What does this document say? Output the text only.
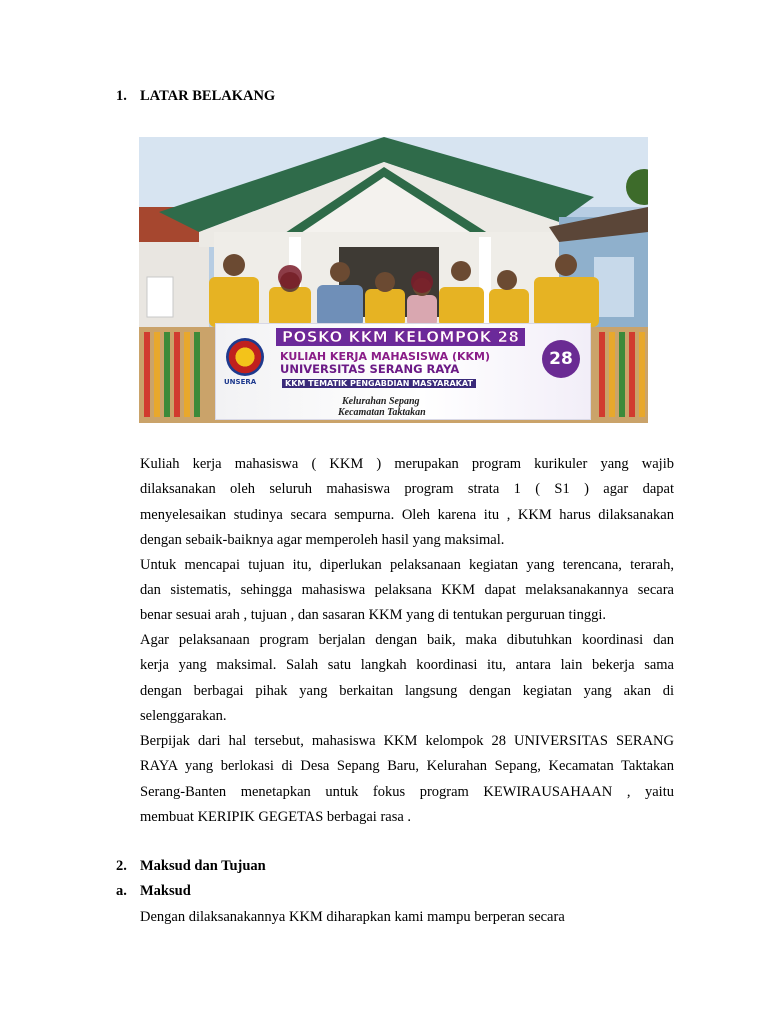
1. LATAR BELAKANG
UNSERA
POSKO KKM KELOMPOK 28
KULIAH KERJA MAHASISWA (KKM)
UNIVERSITAS SERANG RAYA
KKM TEMATIK PENGABDIAN MASYARAKAT
28
Kelurahan Sepang
Kecamatan Taktakan
Kuliah kerja mahasiswa ( KKM ) merupakan program kurikuler yang wajib
dilaksanakan oleh seluruh mahasiswa program strata 1 ( S1 ) agar dapat
menyelesaikan studinya secara sempurna. Oleh karena itu , KKM harus dilaksanakan
dengan sebaik-baiknya agar memperoleh hasil yang maksimal.
Untuk mencapai tujuan itu, diperlukan pelaksanaan kegiatan yang terencana, terarah,
dan sistematis, sehingga mahasiswa pelaksana KKM dapat melaksanakannya secara
benar sesuai arah , tujuan , dan sasaran KKM yang di tentukan perguruan tinggi.
Agar pelaksanaan program berjalan dengan baik, maka dibutuhkan koordinasi dan
kerja yang maksimal. Salah satu langkah koordinasi itu, antara lain bekerja sama
dengan berbagai pihak yang berkaitan langsung dengan kegiatan yang akan di
selenggarakan.
Berpijak dari hal tersebut, mahasiswa KKM kelompok 28 UNIVERSITAS SERANG
RAYA yang berlokasi di Desa Sepang Baru, Kelurahan Sepang, Kecamatan Taktakan
Serang-Banten menetapkan untuk fokus program KEWIRAUSAHAAN , yaitu
membuat KERIPIK GEGETAS berbagai rasa .
2. Maksud dan Tujuan
a. Maksud
Dengan dilaksanakannya KKM diharapkan kami mampu berperan secara
